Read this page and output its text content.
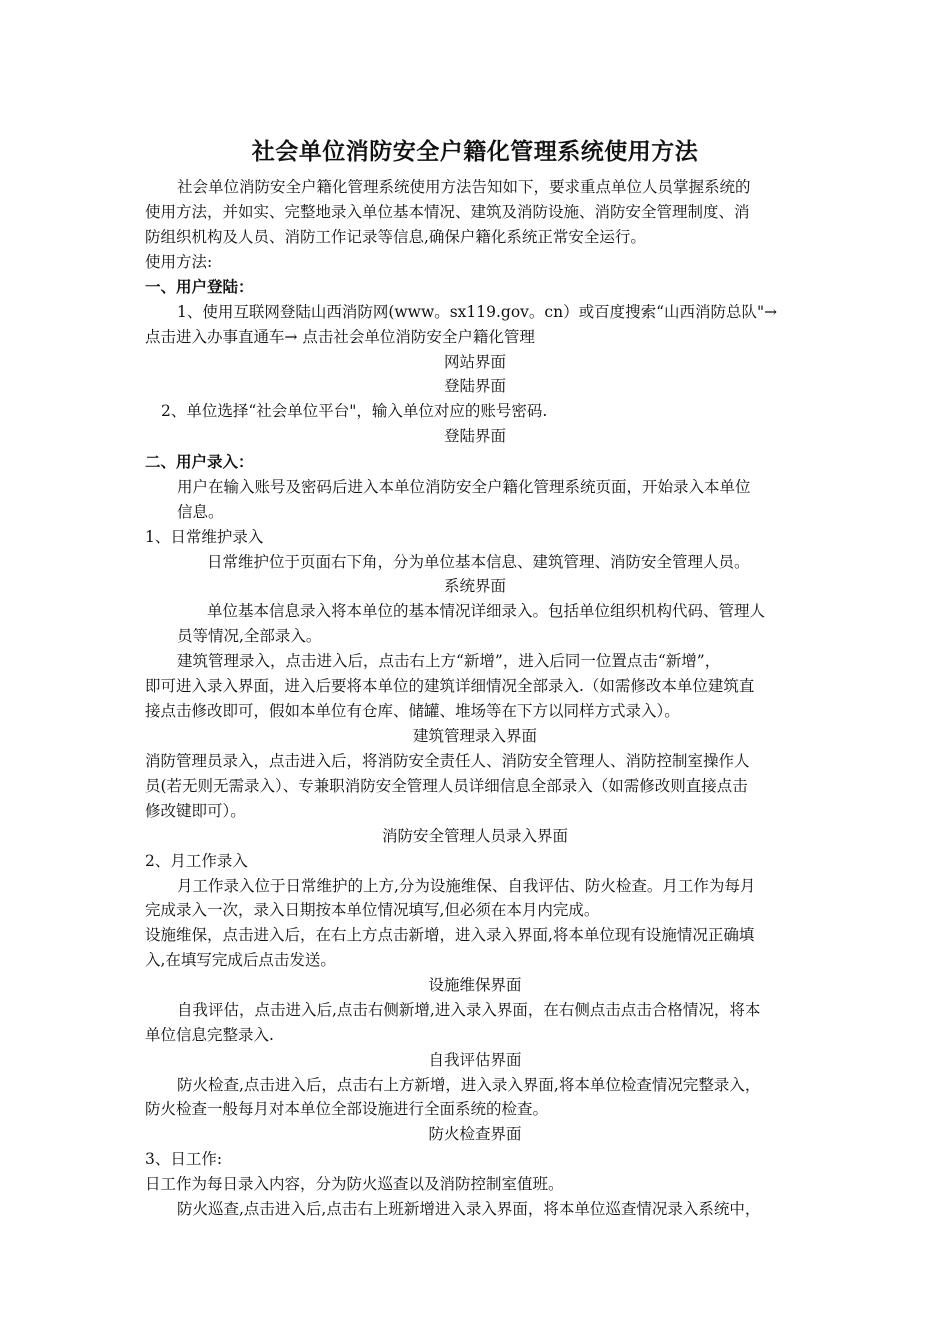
社会单位消防安全户籍化管理系统使用方法
社会单位消防安全户籍化管理系统使用方法告知如下，要求重点单位人员掌握系统的
使用方法，并如实、完整地录入单位基本情况、建筑及消防设施、消防安全管理制度、消
防组织机构及人员、消防工作记录等信息,确保户籍化系统正常安全运行。
使用方法:
一、用户登陆：
1、使用互联网登陆山西消防网(www。sx119.gov。cn）或百度搜索“山西消防总队"→
点击进入办事直通车→ 点击社会单位消防安全户籍化管理
网站界面
登陆界面
2、单位选择“社会单位平台"，输入单位对应的账号密码.
登陆界面
二、用户录入：
用户在输入账号及密码后进入本单位消防安全户籍化管理系统页面，开始录入本单位
信息。
1、日常维护录入
日常维护位于页面右下角，分为单位基本信息、建筑管理、消防安全管理人员。
系统界面
单位基本信息录入将本单位的基本情况详细录入。包括单位组织机构代码、管理人
员等情况,全部录入。
建筑管理录入，点击进入后，点击右上方“新增”，进入后同一位置点击“新增”，
即可进入录入界面，进入后要将本单位的建筑详细情况全部录入.（如需修改本单位建筑直
接点击修改即可，假如本单位有仓库、储罐、堆场等在下方以同样方式录入）。
建筑管理录入界面
消防管理员录入，点击进入后，将消防安全责任人、消防安全管理人、消防控制室操作人
员(若无则无需录入）、专兼职消防安全管理人员详细信息全部录入（如需修改则直接点击
修改键即可）。
消防安全管理人员录入界面
2、月工作录入
月工作录入位于日常维护的上方,分为设施维保、自我评估、防火检查。月工作为每月
完成录入一次，录入日期按本单位情况填写,但必须在本月内完成。
设施维保，点击进入后，在右上方点击新增，进入录入界面,将本单位现有设施情况正确填
入,在填写完成后点击发送。
设施维保界面
自我评估，点击进入后,点击右侧新增,进入录入界面，在右侧点击点击合格情况，将本
单位信息完整录入.
自我评估界面
防火检查,点击进入后，点击右上方新增，进入录入界面,将本单位检查情况完整录入，
防火检查一般每月对本单位全部设施进行全面系统的检查。
防火检查界面
3、日工作:
日工作为每日录入内容，分为防火巡查以及消防控制室值班。
防火巡查,点击进入后,点击右上班新增进入录入界面，将本单位巡查情况录入系统中，
